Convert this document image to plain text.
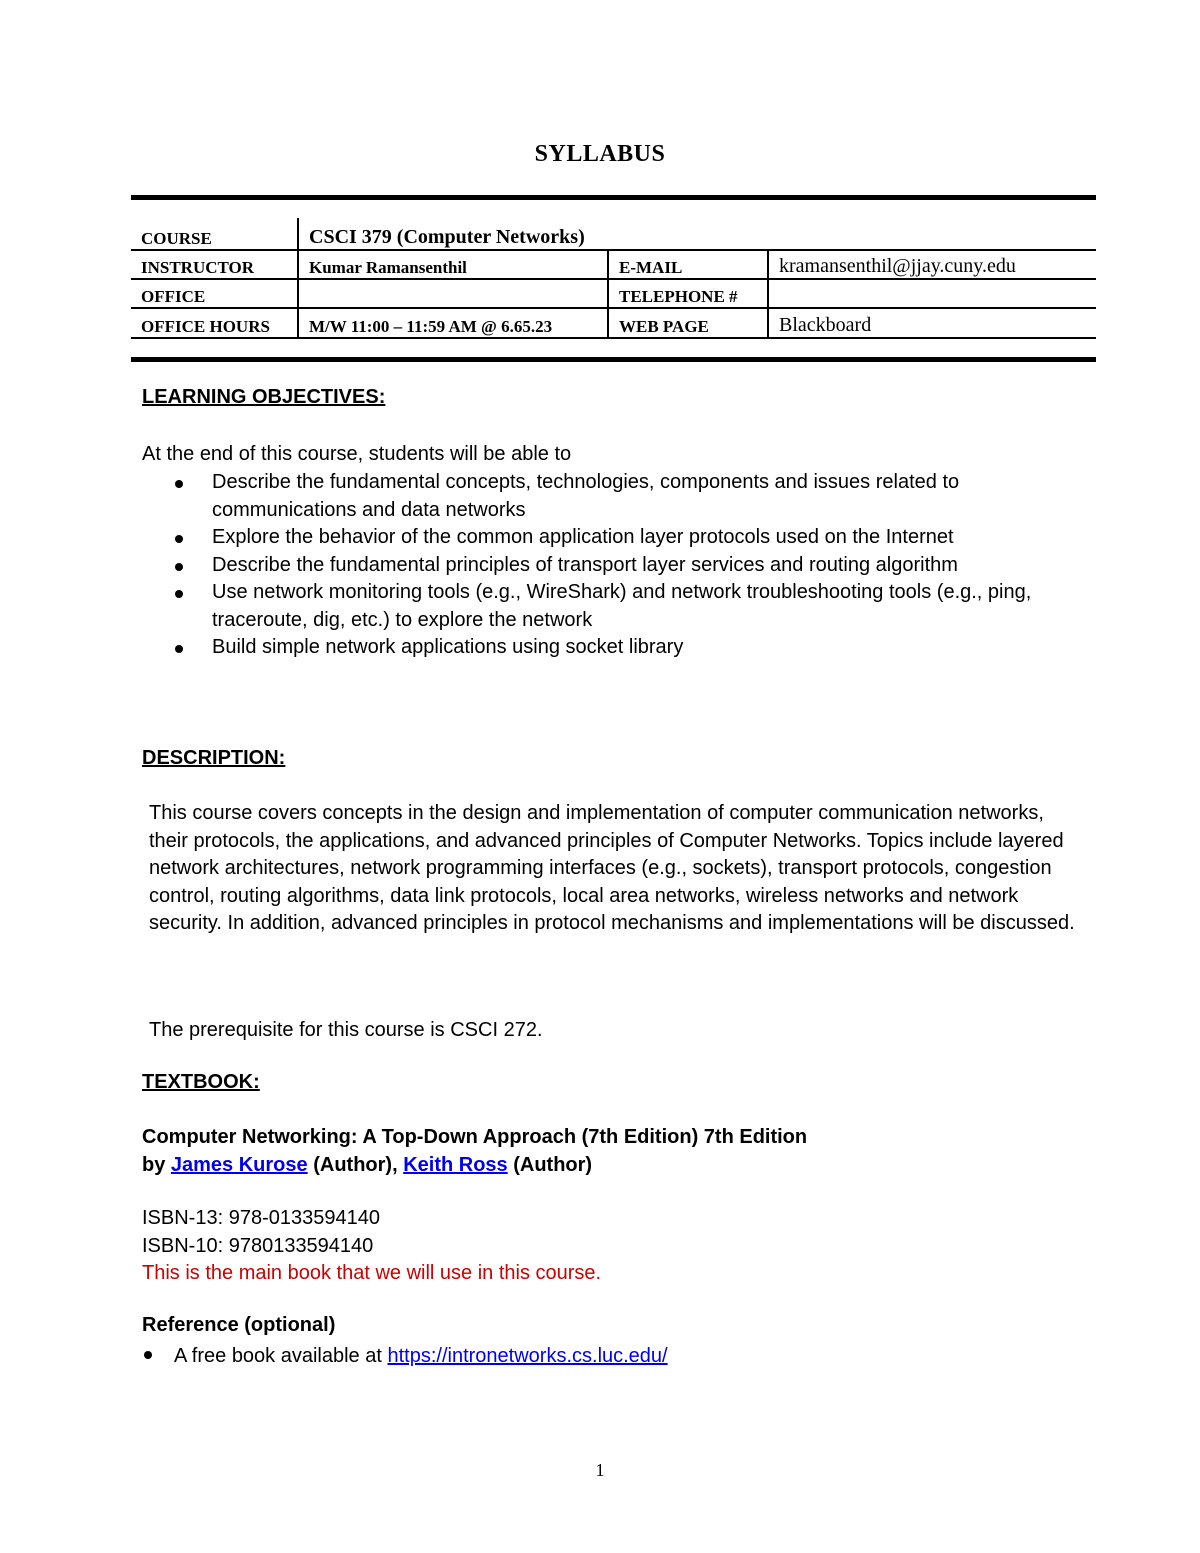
SYLLABUS
COURSE	CSCI 379 (Computer Networks)		
INSTRUCTOR	Kumar Ramansenthil	E-MAIL	kramansenthil@jjay.cuny.edu
OFFICE		TELEPHONE #	
OFFICE HOURS	M/W 11:00 – 11:59 AM @ 6.65.23	WEB PAGE	Blackboard
LEARNING OBJECTIVES:
At the end of this course, students will be able to
Describe the fundamental concepts, technologies, components and issues related to communications and data networks
Explore the behavior of the common application layer protocols used on the Internet
Describe the fundamental principles of transport layer services and routing algorithm
Use network monitoring tools (e.g., WireShark) and network troubleshooting tools (e.g., ping, traceroute, dig, etc.) to explore the network
Build simple network applications using socket library
DESCRIPTION:
This course covers concepts in the design and implementation of computer communication networks, their protocols, the applications, and advanced principles of Computer Networks. Topics include layered network architectures, network programming interfaces (e.g., sockets), transport protocols, congestion control, routing algorithms, data link protocols, local area networks, wireless networks and network security. In addition, advanced principles in protocol mechanisms and implementations will be discussed.
The prerequisite for this course is CSCI 272.
TEXTBOOK:
Computer Networking: A Top-Down Approach (7th Edition) 7th Edition
by James Kurose (Author), Keith Ross (Author)
ISBN-13: 978-0133594140
ISBN-10: 9780133594140
This is the main book that we will use in this course.
Reference (optional)
A free book available at https://intronetworks.cs.luc.edu/
1
